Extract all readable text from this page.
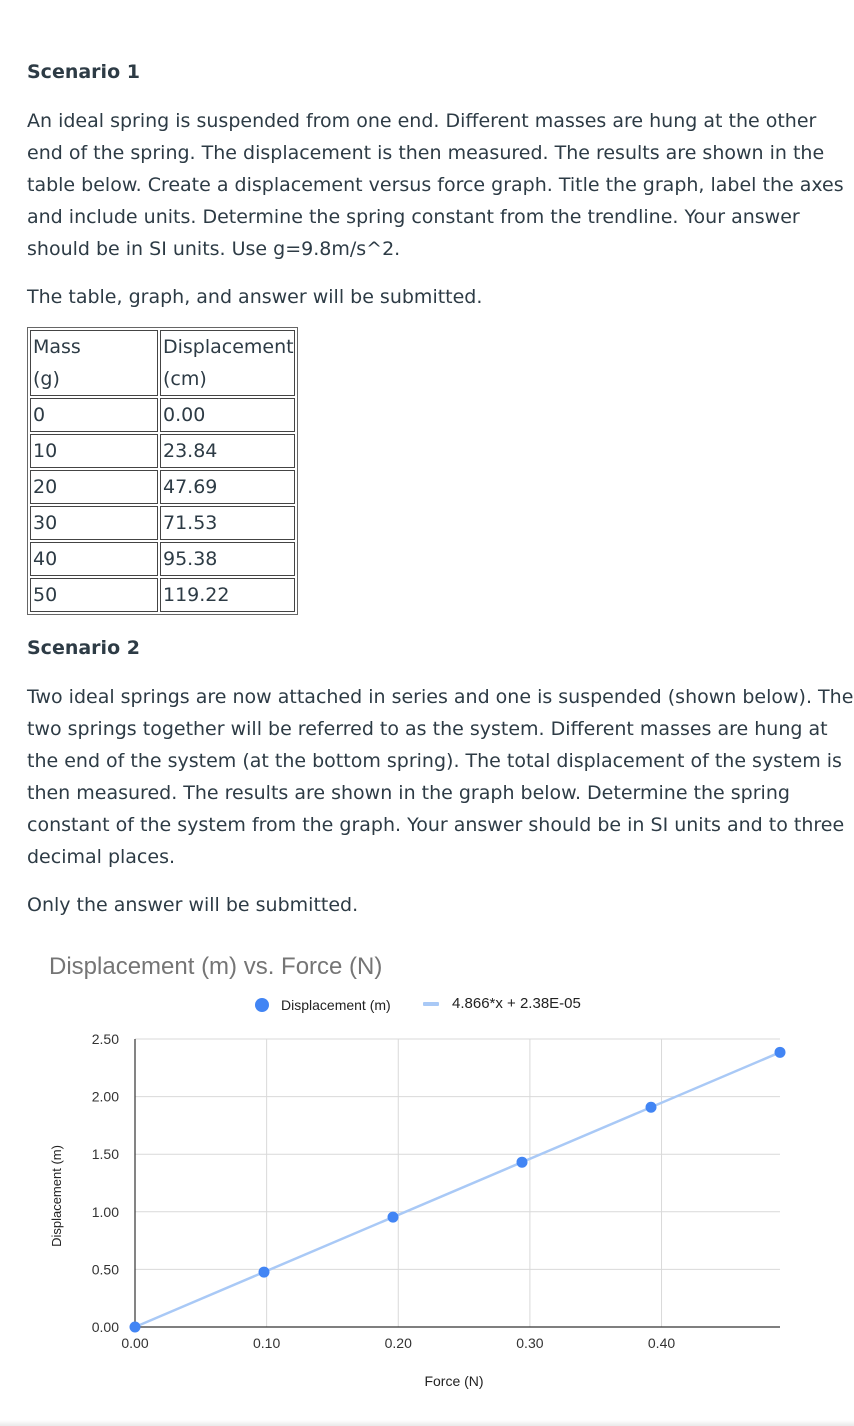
Scenario 1

An ideal spring is suspended from one end. Different masses are hung at the other

end of the spring. The displacement is then measured. The results are shown in the

table below. Create a displacement versus force graph. Title the graph, label the axes

and include units. Determine the spring constant from the trendline. Your answer

should be in SI units. Use g=9.8m/s^2.

The table, graph, and answer will be submitted.

Mass
(g)	Displacement
(cm)
0	0.00
10	23.84
20	47.69
30	71.53
40	95.38
50	119.22
Scenario 2

Two ideal springs are now attached in series and one is suspended (shown below). The

two springs together will be referred to as the system. Different masses are hung at

the end of the system (at the bottom spring). The total displacement of the system is

then measured. The results are shown in the graph below. Determine the spring

constant of the system from the graph. Your answer should be in SI units and to three

decimal places.

Only the answer will be submitted.

Displacement (m) vs. Force (N)
0.00
0.50
1.00
1.50
2.00
2.50
0.00	0.10	0.20	0.30	0.40
Displacement (m)	4.866*x + 2.38E-05
Force (N)
Displacement (m)
